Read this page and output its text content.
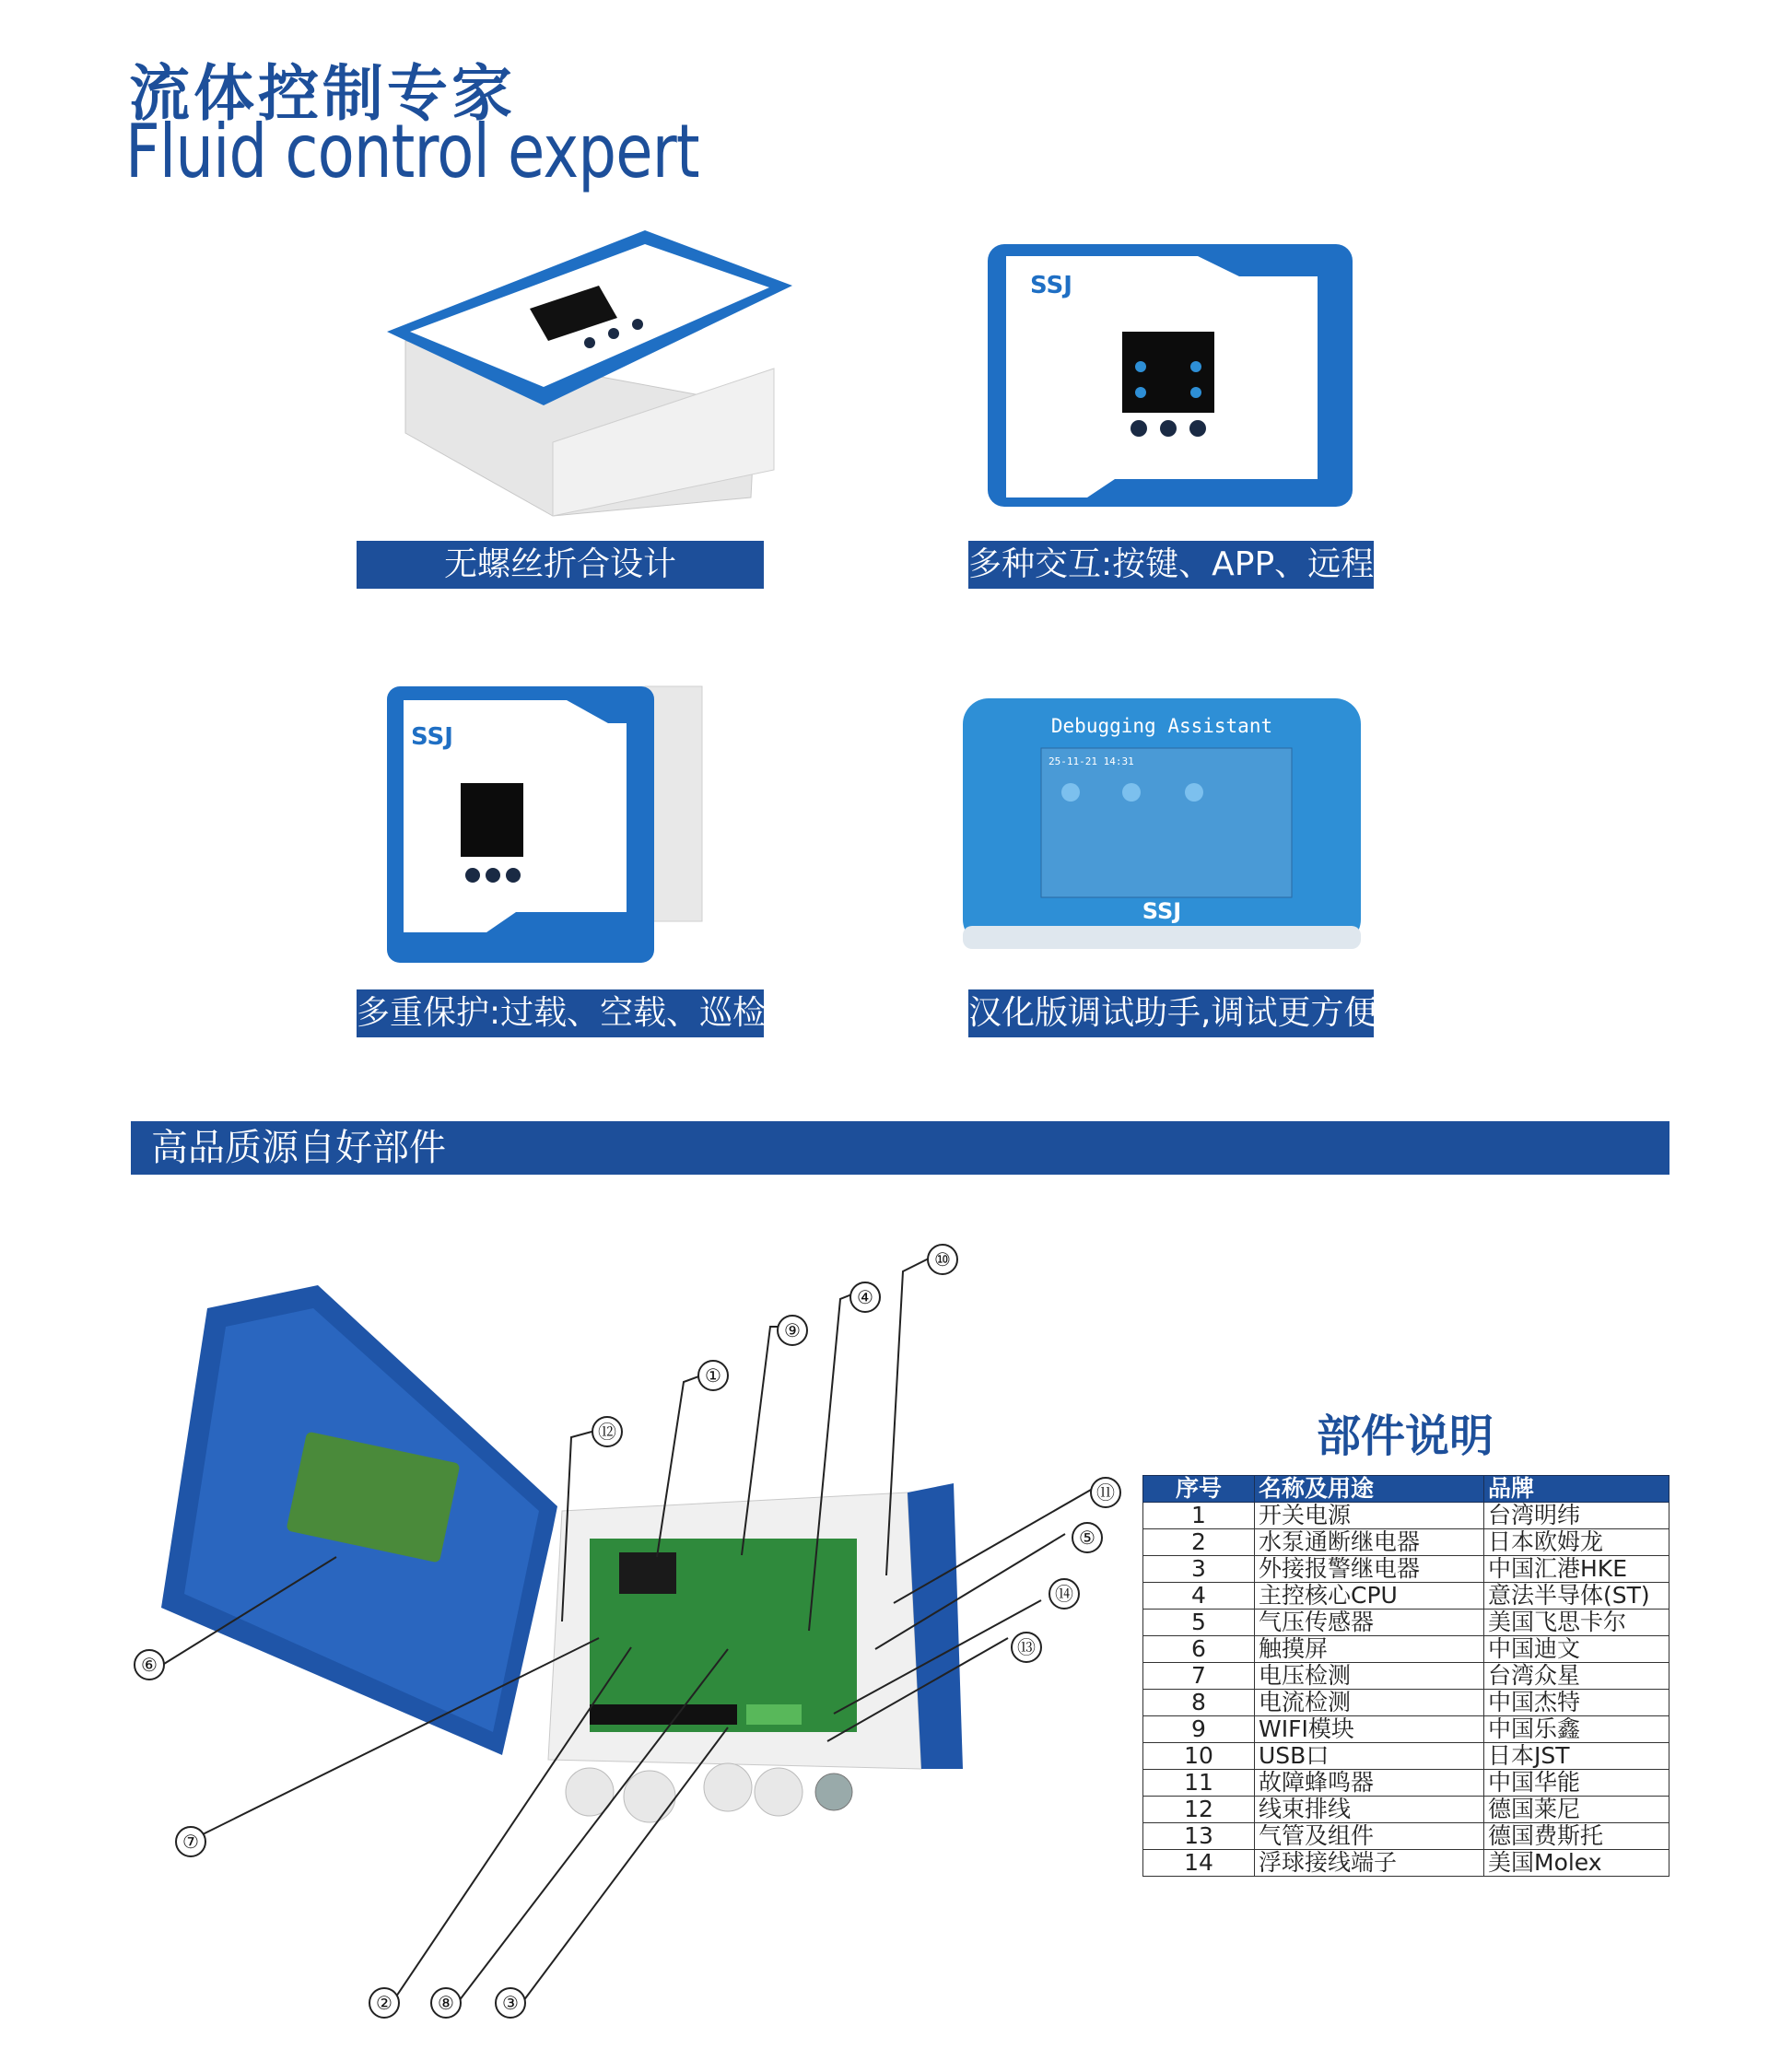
流体控制专家
Fluid control expert
SSJ
SSJ	Debugging Assistant
25-11-21 14:31
SSJ
无螺丝折合设计	多种交互:按键、APP、远程
多重保护:过载、空载、巡检	汉化版调试助手,调试更方便
高品质源自好部件
①
②	③
④
⑤
⑥
⑦
⑧
⑨
⑩
⑪
⑫
⑬
⑭
部件说明
序号	名称及用途	品牌
1	开关电源	台湾明纬
2	水泵通断继电器	日本欧姆龙
3	外接报警继电器	中国汇港HKE
4	主控核心CPU	意法半导体(ST)
5	气压传感器	美国飞思卡尔
6	触摸屏	中国迪文
7	电压检测	台湾众星
8	电流检测	中国杰特
9	WIFI模块	中国乐鑫
10	USB口	日本JST
11	故障蜂鸣器	中国华能
12	线束排线	德国莱尼
13	气管及组件	德国费斯托
14	浮球接线端子	美国Molex
